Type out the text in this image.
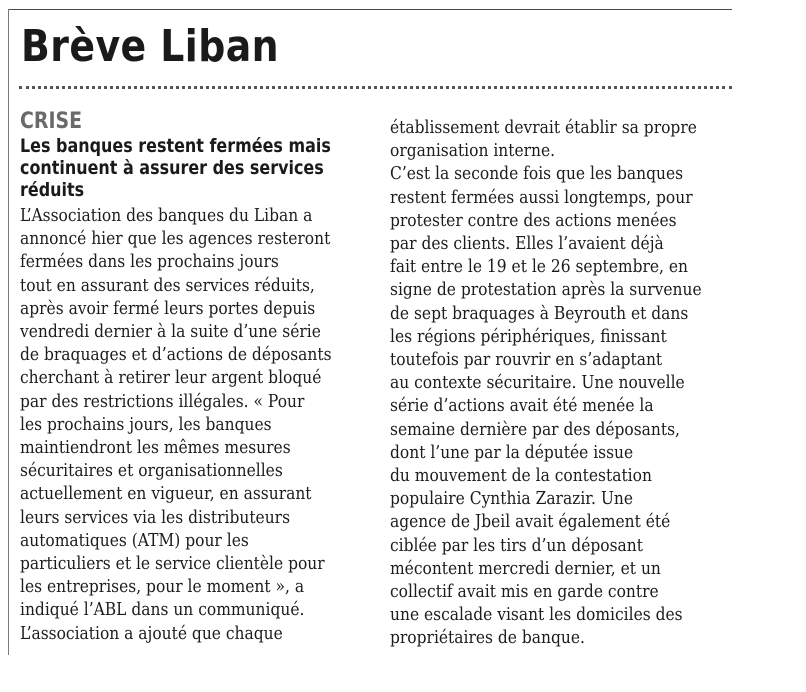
Brève Liban
CRISE
Les banques restent fermées mais
continuent à assurer des services
réduits
L’Association des banques du Liban a
annoncé hier que les agences resteront
fermées dans les prochains jours
tout en assurant des services réduits,
après avoir fermé leurs portes depuis
vendredi dernier à la suite d’une série
de braquages et d’actions de déposants
cherchant à retirer leur argent bloqué
par des restrictions illégales. « Pour
les prochains jours, les banques
maintiendront les mêmes mesures
sécuritaires et organisationnelles
actuellement en vigueur, en assurant
leurs services via les distributeurs
automatiques (ATM) pour les
particuliers et le service clientèle pour
les entreprises, pour le moment », a
indiqué l’ABL dans un communiqué.
L’association a ajouté que chaque
établissement devrait établir sa propre
organisation interne.
C’est la seconde fois que les banques
restent fermées aussi longtemps, pour
protester contre des actions menées
par des clients. Elles l’avaient déjà
fait entre le 19 et le 26 septembre, en
signe de protestation après la survenue
de sept braquages à Beyrouth et dans
les régions périphériques, finissant
toutefois par rouvrir en s’adaptant
au contexte sécuritaire. Une nouvelle
série d’actions avait été menée la
semaine dernière par des déposants,
dont l’une par la députée issue
du mouvement de la contestation
populaire Cynthia Zarazir. Une
agence de Jbeil avait également été
ciblée par les tirs d’un déposant
mécontent mercredi dernier, et un
collectif avait mis en garde contre
une escalade visant les domiciles des
propriétaires de banque.
